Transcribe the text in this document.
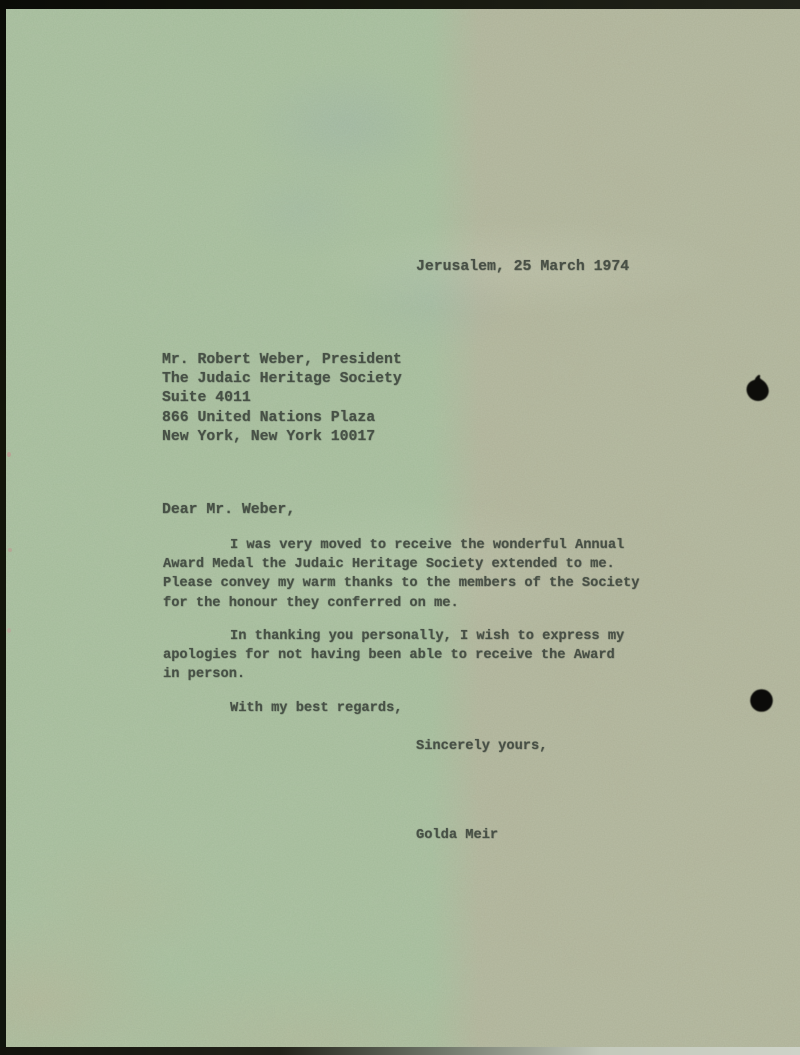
Jerusalem, 25 March 1974
Mr. Robert Weber, President
The Judaic Heritage Society
Suite 4011
866 United Nations Plaza
New York, New York 10017
Dear Mr. Weber,
I was very moved to receive the wonderful Annual
Award Medal the Judaic Heritage Society extended to me.
Please convey my warm thanks to the members of the Society
for the honour they conferred on me.

In thanking you personally, I wish to express my
apologies for not having been able to receive the Award
in person.
With my best regards,
Sincerely yours,
Golda Meir
